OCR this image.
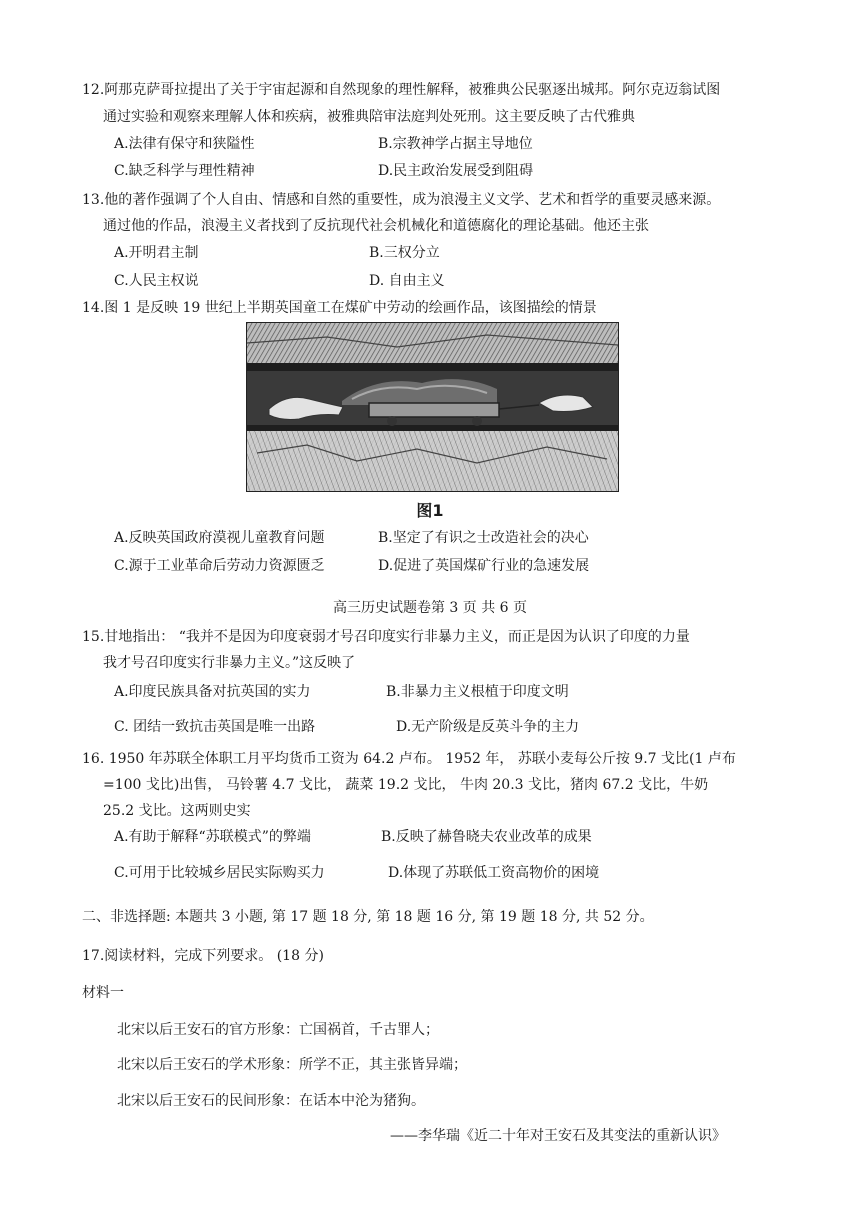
12.阿那克萨哥拉提出了关于宇宙起源和自然现象的理性解释，被雅典公民驱逐出城邦。阿尔克迈翁试图
通过实验和观察来理解人体和疾病，被雅典陪审法庭判处死刑。这主要反映了古代雅典
A.法律有保守和狭隘性	B.宗教神学占据主导地位
C.缺乏科学与理性精神	D.民主政治发展受到阻碍
13.他的著作强调了个人自由、情感和自然的重要性，成为浪漫主义文学、艺术和哲学的重要灵感来源。
通过他的作品，浪漫主义者找到了反抗现代社会机械化和道德腐化的理论基础。他还主张
A.开明君主制	B.三权分立
C.人民主权说	D. 自由主义
14.图 1 是反映 19 世纪上半期英国童工在煤矿中劳动的绘画作品，该图描绘的情景
图1
A.反映英国政府漠视儿童教育问题	B.坚定了有识之士改造社会的决心
C.源于工业革命后劳动力资源匮乏	D.促进了英国煤矿行业的急速发展
高三历史试题卷第 3 页 共 6 页
15.甘地指出： “我并不是因为印度衰弱才号召印度实行非暴力主义，而正是因为认识了印度的力量
我才号召印度实行非暴力主义。”这反映了
A.印度民族具备对抗英国的实力	B.非暴力主义根植于印度文明
C. 团结一致抗击英国是唯一出路	D.无产阶级是反英斗争的主力
16. 1950 年苏联全体职工月平均货币工资为 64.2 卢布。 1952 年， 苏联小麦每公斤按 9.7 戈比(1 卢布
=100 戈比)出售， 马铃薯 4.7 戈比， 蔬菜 19.2 戈比， 牛肉 20.3 戈比，猪肉 67.2 戈比，牛奶
25.2 戈比。这两则史实
A.有助于解释“苏联模式”的弊端	B.反映了赫鲁晓夫农业改革的成果
C.可用于比较城乡居民实际购买力	D.体现了苏联低工资高物价的困境
二、非选择题: 本题共 3 小题, 第 17 题 18 分, 第 18 题 16 分, 第 19 题 18 分, 共 52 分。
17.阅读材料，完成下列要求。 (18 分)
材料一
北宋以后王安石的官方形象：亡国祸首，千古罪人；
北宋以后王安石的学术形象：所学不正，其主张皆异端；
北宋以后王安石的民间形象：在话本中沦为猪狗。
——李华瑞《近二十年对王安石及其变法的重新认识》
